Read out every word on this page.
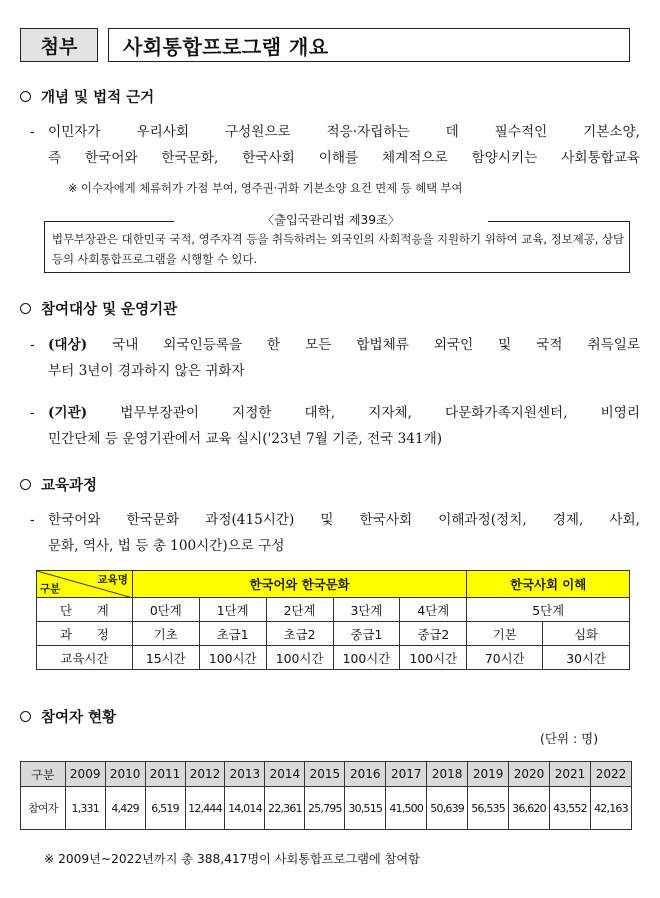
첨부	사회통합프로그램 개요
개념 및 법적 근거
- 이민자가 우리사회 구성원으로 적응·자립하는 데 필수적인 기본소양,
즉 한국어와 한국문화, 한국사회 이해를 체계적으로 함양시키는 사회통합교육
※ 이수자에게 체류허가 가점 부여, 영주권·귀화 기본소양 요건 면제 등 혜택 부여
〈출입국관리법 제39조〉
법무부장관은 대한민국 국적, 영주자격 등을 취득하려는 외국인의 사회적응을 지원하기 위하여 교육, 정보제공, 상담 등의 사회통합프로그램을 시행할 수 있다.
참여대상 및 운영기관
- (대상) 국내 외국인등록을 한 모든 합법체류 외국인 및 국적 취득일로
부터 3년이 경과하지 않은 귀화자
- (기관) 법무부장관이 지정한 대학, 지자체, 다문화가족지원센터, 비영리
민간단체 등 운영기관에서 교육 실시('23년 7월 기준, 전국 341개)
교육과정
- 한국어와 한국문화 과정(415시간) 및 한국사회 이해과정(정치, 경제, 사회,
문화, 역사, 법 등 총 100시간)으로 구성
교육명
구분	한국어와 한국문화					한국사회 이해	
단　　계	0단계	1단계	2단계	3단계	4단계	5단계	
과　　정	기초	초급1	초급2	중급1	중급2	기본	심화
교육시간	15시간	100시간	100시간	100시간	100시간	70시간	30시간
참여자 현황
(단위 : 명)
구분	2009	2010	2011	2012	2013	2014	2015	2016	2017	2018	2019	2020	2021	2022
참여자	1,331	4,429	6,519	12,444	14,014	22,361	25,795	30,515	41,500	50,639	56,535	36,620	43,552	42,163
※ 2009년~2022년까지 총 388,417명이 사회통합프로그램에 참여함
